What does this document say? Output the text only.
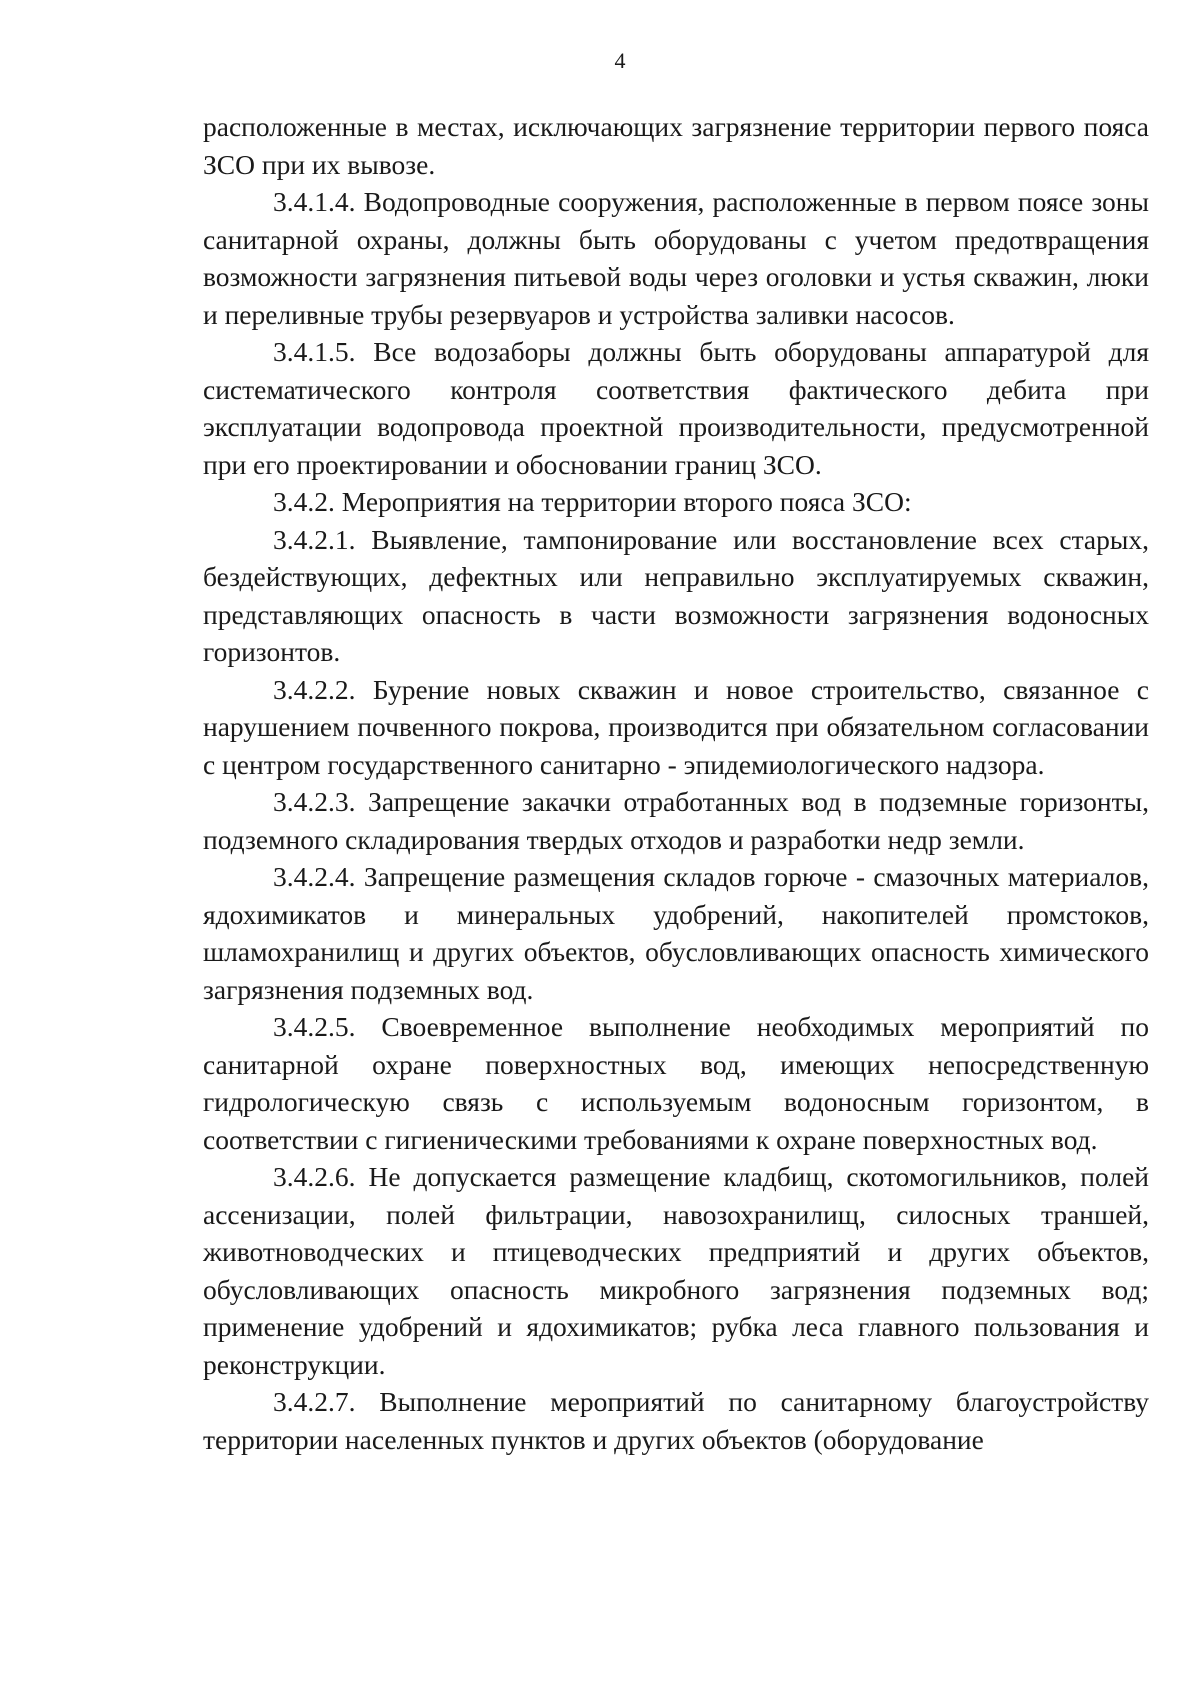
4

расположенные в местах, исключающих загрязнение территории первого пояса ЗСО при их вывозе.

3.4.1.4. Водопроводные сооружения, расположенные в первом поясе зоны санитарной охраны, должны быть оборудованы с учетом предотвращения возможности загрязнения питьевой воды через оголовки и устья скважин, люки и переливные трубы резервуаров и устройства заливки насосов.

3.4.1.5. Все водозаборы должны быть оборудованы аппаратурой для систематического контроля соответствия фактического дебита при эксплуатации водопровода проектной производительности, предусмотренной при его проектировании и обосновании границ ЗСО.

3.4.2. Мероприятия на территории второго пояса ЗСО:

3.4.2.1. Выявление, тампонирование или восстановление всех старых, бездействующих, дефектных или неправильно эксплуатируемых скважин, представляющих опасность в части возможности загрязнения водоносных горизонтов.

3.4.2.2. Бурение новых скважин и новое строительство, связанное с нарушением почвенного покрова, производится при обязательном согласовании с центром государственного санитарно - эпидемиологического надзора.

3.4.2.3. Запрещение закачки отработанных вод в подземные горизонты, подземного складирования твердых отходов и разработки недр земли.

3.4.2.4. Запрещение размещения складов горюче - смазочных материалов, ядохимикатов и минеральных удобрений, накопителей промстоков, шламохранилищ и других объектов, обусловливающих опасность химического загрязнения подземных вод.

3.4.2.5. Своевременное выполнение необходимых мероприятий по санитарной охране поверхностных вод, имеющих непосредственную гидрологическую связь с используемым водоносным горизонтом, в соответствии с гигиеническими требованиями к охране поверхностных вод.

3.4.2.6. Не допускается размещение кладбищ, скотомогильников, полей ассенизации, полей фильтрации, навозохранилищ, силосных траншей, животноводческих и птицеводческих предприятий и других объектов, обусловливающих опасность микробного загрязнения подземных вод; применение удобрений и ядохимикатов; рубка леса главного пользования и реконструкции.

3.4.2.7. Выполнение мероприятий по санитарному благоустройству территории населенных пунктов и других объектов (оборудование
